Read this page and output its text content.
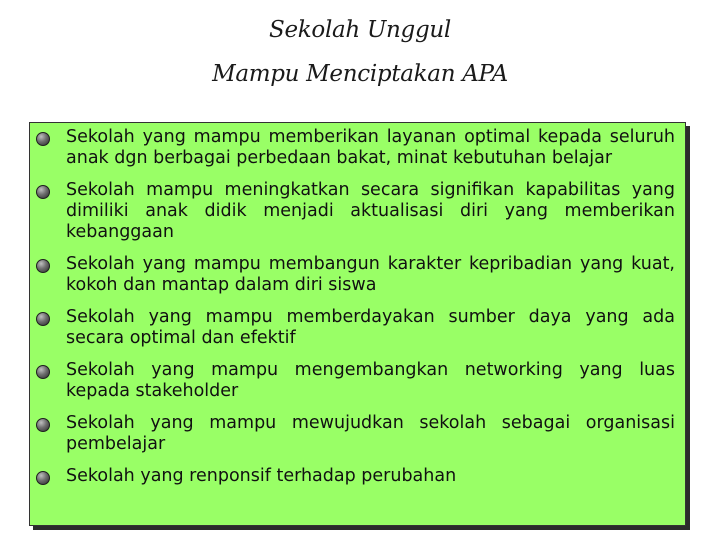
Sekolah Unggul
Mampu Menciptakan APA
Sekolah yang mampu memberikan layanan optimal kepada seluruh anak dgn berbagai perbedaan bakat, minat kebutuhan belajar
Sekolah mampu meningkatkan secara signifikan kapabilitas yang dimiliki anak didik menjadi aktualisasi diri yang memberikan kebanggaan
Sekolah yang mampu membangun karakter kepribadian yang kuat, kokoh dan mantap dalam diri siswa
Sekolah yang mampu memberdayakan sumber daya yang ada secara optimal dan efektif
Sekolah yang mampu mengembangkan networking yang luas kepada stakeholder
Sekolah yang mampu mewujudkan sekolah sebagai organisasi pembelajar
Sekolah yang renponsif terhadap perubahan
